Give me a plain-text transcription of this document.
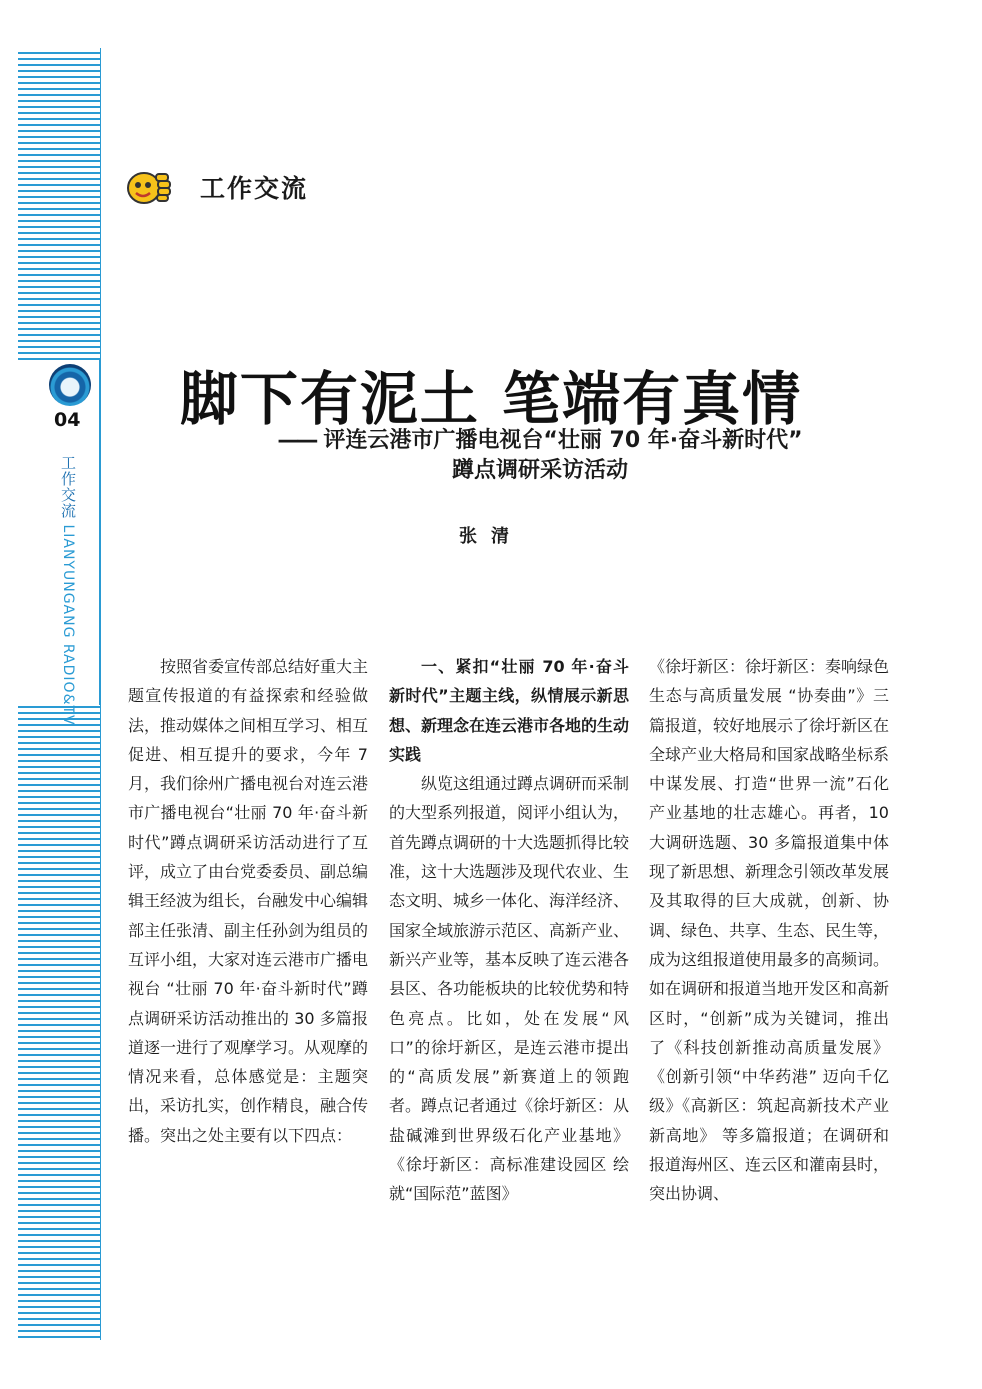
04
工作交流 LIANYUNGANG RADIO&TV
工作交流
脚下有泥土 笔端有真情
—— 评连云港市广播电视台“壮丽 70 年·奋斗新时代”
蹲点调研采访活动
张清

按照省委宣传部总结好重大主题宣传报道的有益探索和经验做法，推动媒体之间相互学习、相互促进、相互提升的要求，今年 7 月，我们徐州广播电视台对连云港市广播电视台“壮丽 70 年·奋斗新时代”蹲点调研采访活动进行了互评，成立了由台党委委员、副总编辑王经波为组长，台融发中心编辑部主任张清、副主任孙剑为组员的互评小组，大家对连云港市广播电视台 “壮丽 70 年·奋斗新时代”蹲点调研采访活动推出的 30 多篇报道逐一进行了观摩学习。从观摩的情况来看，总体感觉是：主题突出，采访扎实，创作精良，融合传播。突出之处主要有以下四点：

一、紧扣“壮丽 70 年·奋斗新时代”主题主线，纵情展示新思想、新理念在连云港市各地的生动实践

纵览这组通过蹲点调研而采制的大型系列报道，阅评小组认为，首先蹲点调研的十大选题抓得比较准，这十大选题涉及现代农业、生态文明、城乡一体化、海洋经济、国家全域旅游示范区、高新产业、新兴产业等，基本反映了连云港各县区、各功能板块的比较优势和特色亮点。比如，处在发展“风口”的徐圩新区，是连云港市提出的“高质发展”新赛道上的领跑者。蹲点记者通过《徐圩新区：从盐碱滩到世界级石化产业基地》《徐圩新区：高标准建设园区 绘就“国际范”蓝图》

《徐圩新区：徐圩新区：奏响绿色生态与高质量发展 “协奏曲”》三篇报道，较好地展示了徐圩新区在全球产业大格局和国家战略坐标系中谋发展、打造“世界一流”石化产业基地的壮志雄心。再者，10 大调研选题、30 多篇报道集中体现了新思想、新理念引领改革发展及其取得的巨大成就，创新、协调、绿色、共享、生态、民生等，成为这组报道使用最多的高频词。如在调研和报道当地开发区和高新区时，“创新”成为关键词，推出了《科技创新推动高质量发展》《创新引领“中华药港” 迈向千亿级》《高新区：筑起高新技术产业新高地》 等多篇报道；在调研和报道海州区、连云区和灌南县时，突出协调、
